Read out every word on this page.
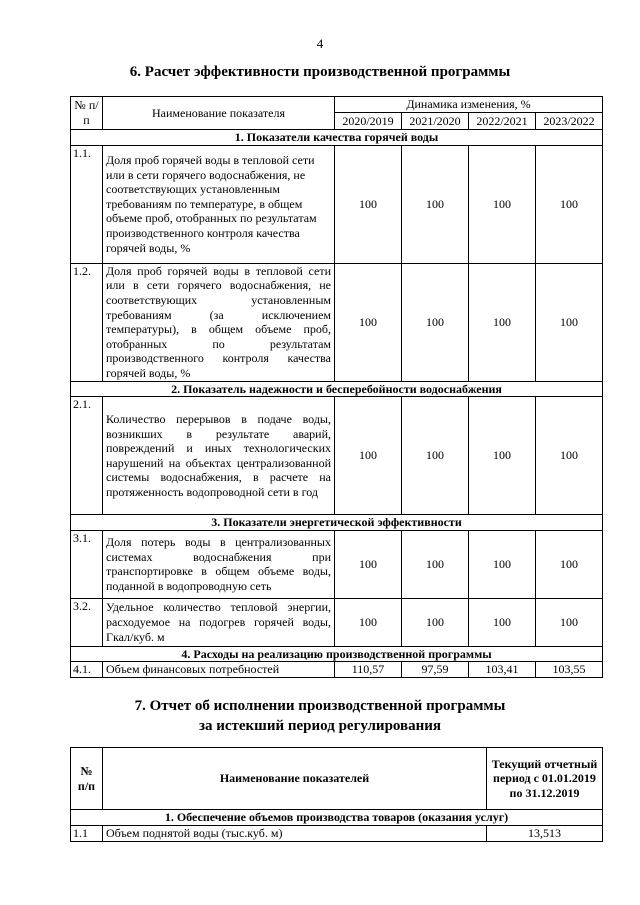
4
6. Расчет эффективности производственной программы
№ п/п	Наименование показателя	Динамика изменения, %			
		2020/2019	2021/2020	2022/2021	2023/2022
1. Показатели качества горячей воды					
1.1.	Доля проб горячей воды в тепловой сети или в сети горячего водоснабжения, не соответствующих установленным требованиям по температуре, в общем объеме проб, отобранных по результатам производственного контроля качества горячей воды, %	100	100	100	100
1.2.	Доля проб горячей воды в тепловой сети или в сети горячего водоснабжения, не соответствующих установленным требованиям (за исключением температуры), в общем объеме проб, отобранных по результатам производственного контроля качества горячей воды, %	100	100	100	100
2. Показатель надежности и бесперебойности водоснабжения					
2.1.	Количество перерывов в подаче воды, возникших в результате аварий, повреждений и иных технологических нарушений на объектах централизованной системы водоснабжения, в расчете на протяженность водопроводной сети в год	100	100	100	100
3. Показатели энергетической эффективности					
3.1.	Доля потерь воды в централизованных системах водоснабжения при транспортировке в общем объеме воды, поданной в водопроводную сеть	100	100	100	100
3.2.	Удельное количество тепловой энергии, расходуемое на подогрев горячей воды, Гкал/куб. м	100	100	100	100
4. Расходы на реализацию производственной программы					
4.1.	Объем финансовых потребностей	110,57	97,59	103,41	103,55
7. Отчет об исполнении производственной программы
за истекший период регулирования
№ п/п	Наименование показателей	Текущий отчетный период с 01.01.2019 по 31.12.2019
1. Обеспечение объемов производства товаров (оказания услуг)		
1.1	Объем поднятой воды (тыс.куб. м)	13,513
